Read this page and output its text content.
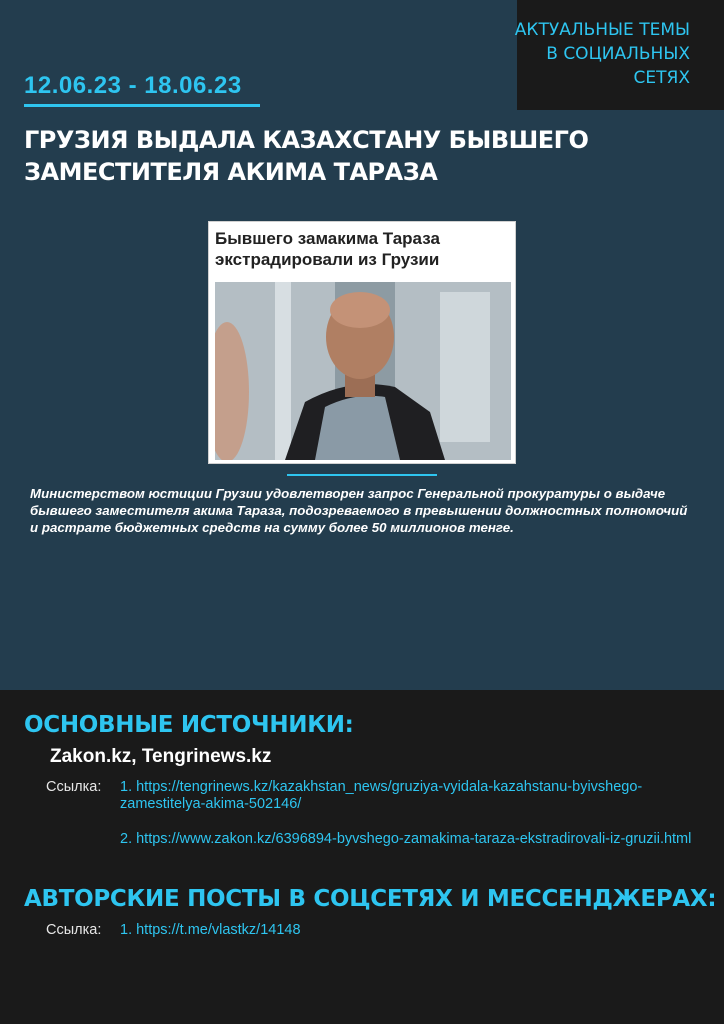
АКТУАЛЬНЫЕ ТЕМЫ
В СОЦИАЛЬНЫХ
СЕТЯХ
12.06.23 - 18.06.23
ГРУЗИЯ ВЫДАЛА КАЗАХСТАНУ БЫВШЕГО ЗАМЕСТИТЕЛЯ АКИМА ТАРАЗА
Бывшего замакима Тараза экстрадировали из Грузии
Министерством юстиции Грузии удовлетворен запрос Генеральной прокуратуры о выдаче бывшего заместителя акима Тараза, подозреваемого в превышении должностных полномочий и растрате бюджетных средств на сумму более 50 миллионов тенге.
ОСНОВНЫЕ ИСТОЧНИКИ:
Zakon.kz, Tengrinews.kz
Ссылка: 1. https://tengrinews.kz/kazakhstan_news/gruziya-vyidala-kazahstanu-byivshego-zamestitelya-akima-502146/
2. https://www.zakon.kz/6396894-byvshego-zamakima-taraza-ekstradirovali-iz-gruzii.html
АВТОРСКИЕ ПОСТЫ В СОЦСЕТЯХ И МЕССЕНДЖЕРАХ:
Ссылка: 1. https://t.me/vlastkz/14148
